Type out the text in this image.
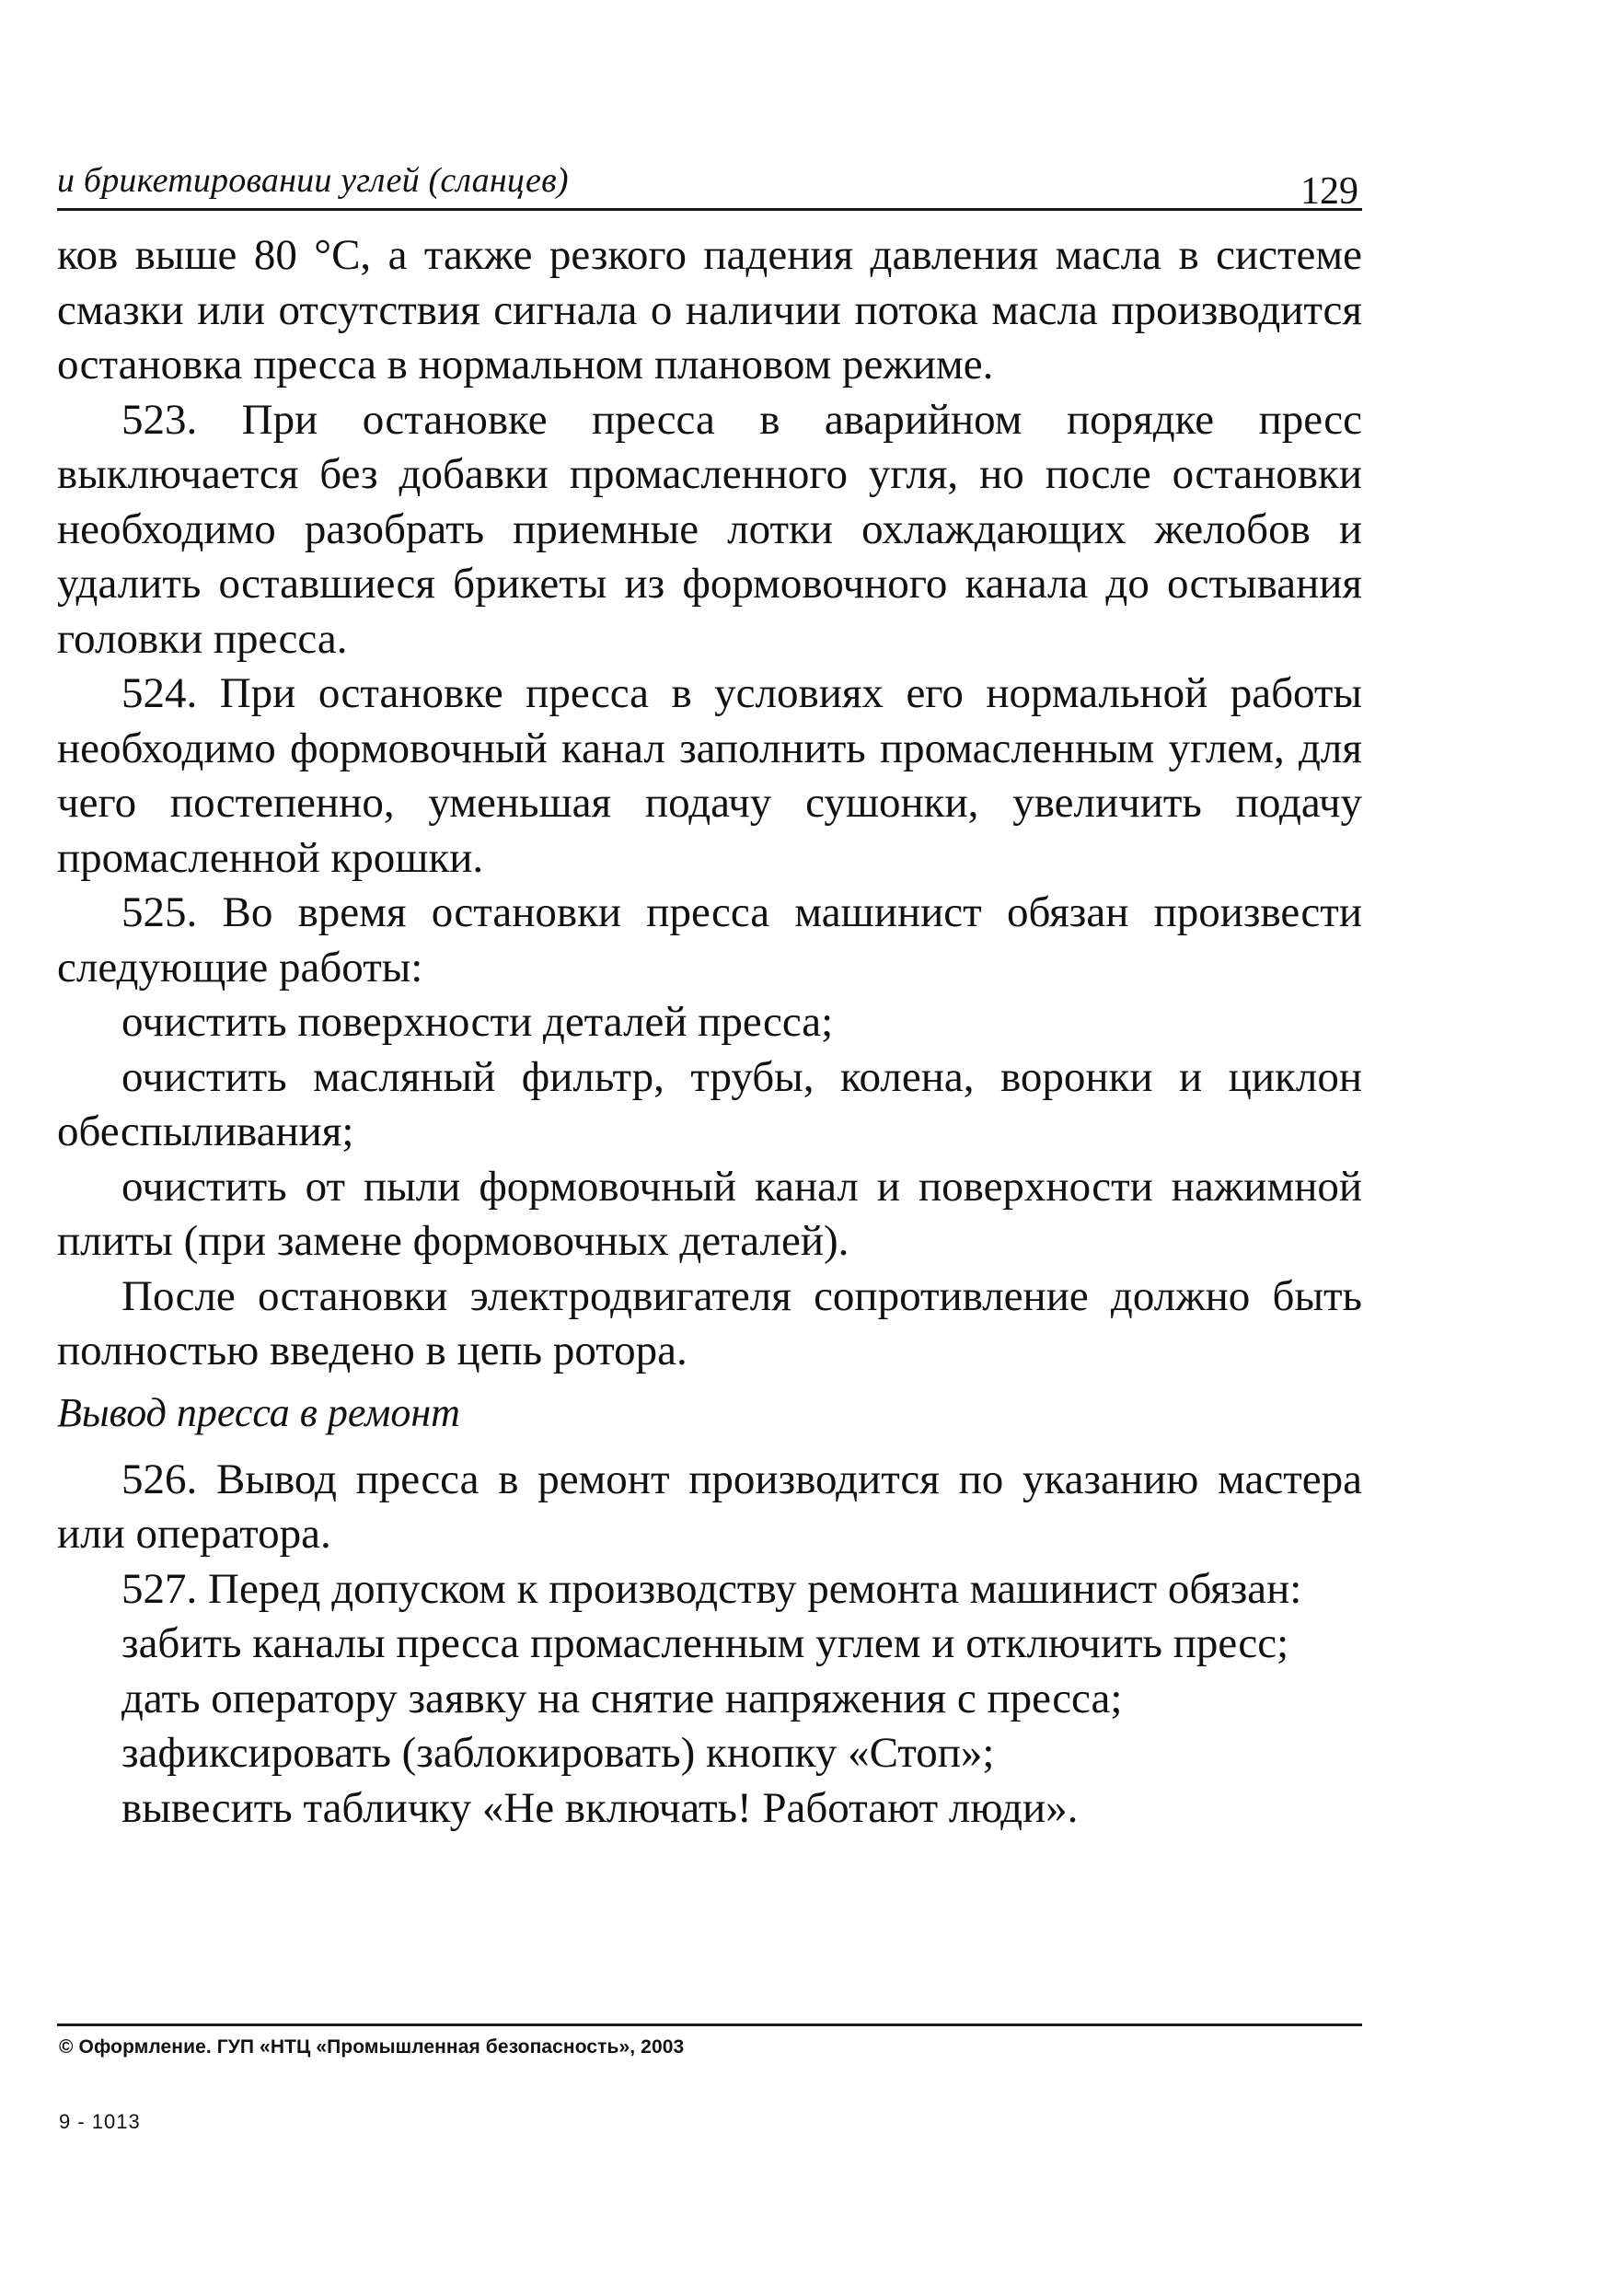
и брикетировании углей (сланцев)	129

ков выше 80 °С, а также резкого падения давления масла в системе смазки или отсутствия сигнала о наличии потока масла производится остановка пресса в нормальном плановом режиме.

523. При остановке пресса в аварийном порядке пресс выключается без добавки промасленного угля, но после остановки необходимо разобрать приемные лотки охлаждающих желобов и удалить оставшиеся брикеты из формовочного канала до остывания головки пресса.

524. При остановке пресса в условиях его нормальной работы необходимо формовочный канал заполнить промасленным углем, для чего постепенно, уменьшая подачу сушонки, увеличить подачу промасленной крошки.

525. Во время остановки пресса машинист обязан произвести следующие работы:

очистить поверхности деталей пресса;

очистить масляный фильтр, трубы, колена, воронки и циклон обеспыливания;

очистить от пыли формовочный канал и поверхности нажимной плиты (при замене формовочных деталей).

После остановки электродвигателя сопротивление должно быть полностью введено в цепь ротора.

Вывод пресса в ремонт

526. Вывод пресса в ремонт производится по указанию мастера или оператора.

527. Перед допуском к производству ремонта машинист обязан:

забить каналы пресса промасленным углем и отключить пресс;

дать оператору заявку на снятие напряжения с пресса;

зафиксировать (заблокировать) кнопку «Стоп»;

вывесить табличку «Не включать! Работают люди».

© Оформление. ГУП «НТЦ «Промышленная безопасность», 2003
9 - 1013
